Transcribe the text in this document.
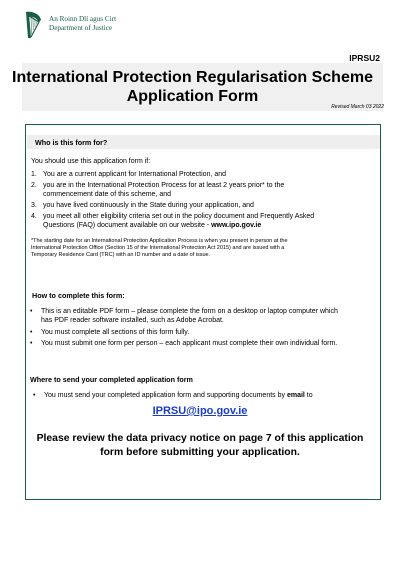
An Roinn Dlí agus Cirt
Department of Justice
IPRSU2
International Protection Regularisation Scheme
Application Form
Revised March 03 2022
Who is this form for?
You should use this application form if:
1. You are a current applicant for International Protection, and
2. you are in the International Protection Process for at least 2 years prior* to the
commencement date of this scheme, and
3. you have lived continuously in the State during your application, and
4. you meet all other eligibility criteria set out in the policy document and Frequently Asked
Questions (FAQ) document available on our website - www.ipo.gov.ie
*The starting date for an International Protection Application Process is when you present in person at the
International Protection Office (Section 15 of the International Protection Act 2015) and are issued with a
Temporary Residence Card (TRC) with an ID number and a date of issue.
How to complete this form:
• This is an editable PDF form – please complete the form on a desktop or laptop computer which
has PDF reader software installed, such as Adobe Acrobat.
• You must complete all sections of this form fully.
• You must submit one form per person – each applicant must complete their own individual form.
Where to send your completed application form
• You must send your completed application form and supporting documents by email to
IPRSU@ipo.gov.ie
Please review the data privacy notice on page 7 of this application
form before submitting your application.
